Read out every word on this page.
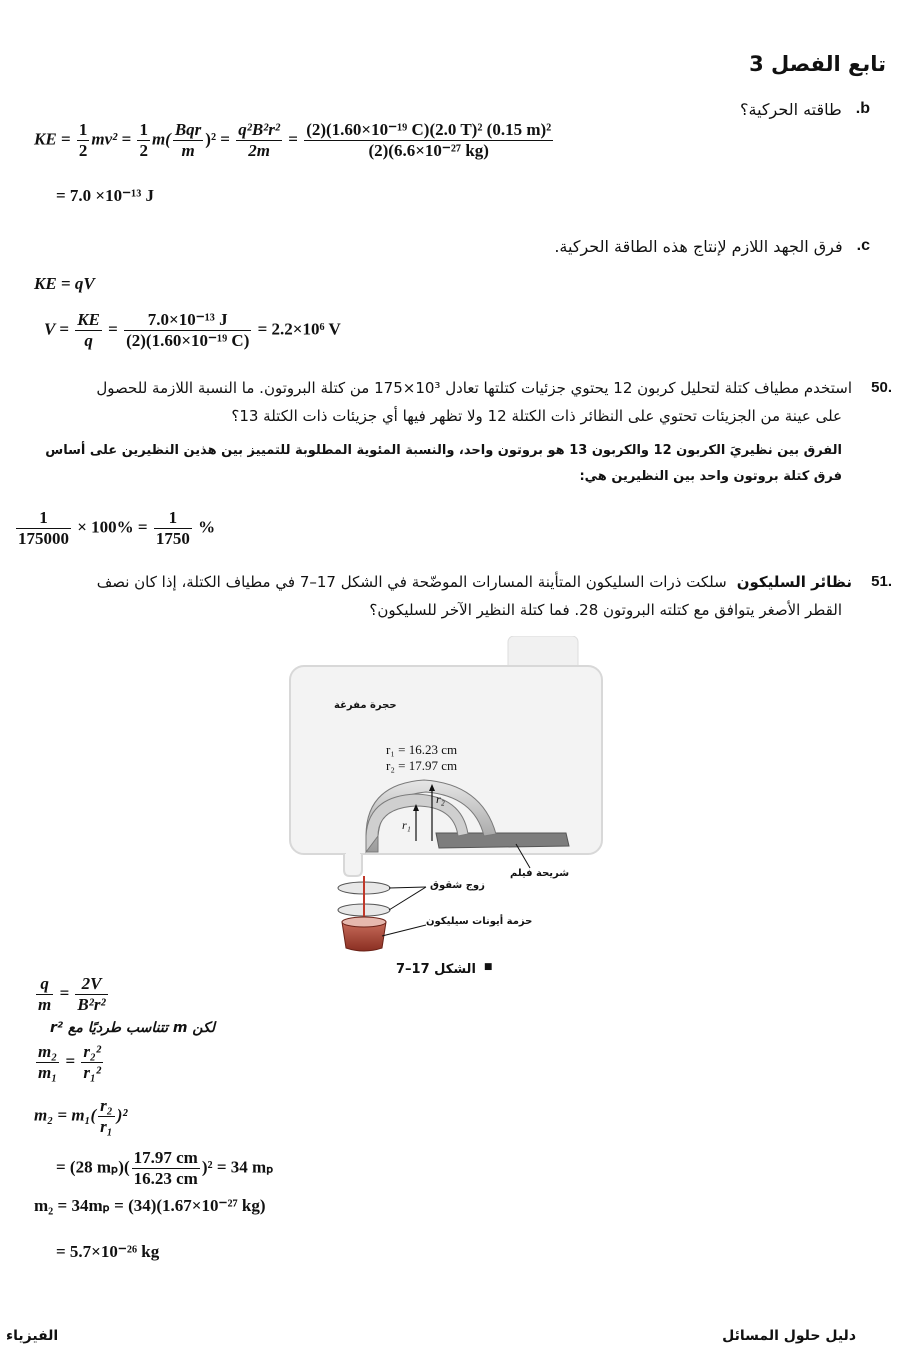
تابع الفصل 3
b.
طاقته الحركية؟
KE = $\frac{1}{2} mv^2 = \frac{1}{2} m( \frac{\text{Bqr}}{m} )^2 = \frac{\text{q²B²r²}}{2m} = \frac{\text{(2)(1.60×10⁻¹⁹ C)(2.0 T)² (0.15 m)²}}{\text{(2)(6.6×10⁻²⁷ kg)}}$
= 7.0 ×10⁻¹³ J
c.
فرق الجهد اللازم لإنتاج هذه الطاقة الحركية.
KE = qV
$V = \frac{KE}{q} = \frac{\text{7.0×10⁻¹³ J}}{\text{(2)(1.60×10⁻¹⁹ C)}} = 2.2\times 10^6$ V
.50
استخدم مطياف كتلة لتحليل كربون 12 يحتوي جزئيات كتلتها تعادل 10³×175 من كتلة البروتون. ما النسبة اللازمة للحصول
على عينة من الجزيئات تحتوي على النظائر ذات الكتلة 12 ولا تظهر فيها أي جزيئات ذات الكتلة 13؟
الفرق بين نظيريَ الكربون 12 والكربون 13 هو بروتون واحد، والنسبة المئوية المطلوبة للتمييز بين هذين النظيرين على أساس
فرق كتلة بروتون واحد بين النظيرين هي:
$\frac{1}{175000} \times 100\% = \frac{1}{1750}$ %
.51
نظائر السليكون
سلكت ذرات السليكون المتأينة المسارات الموضّحة في الشكل 17–7 في مطياف الكتلة، إذا كان نصف
القطر الأصغر يتوافق مع كتلته البروتون 28. فما كتلة النظير الآخر للسليكون؟
حجرة مفرغة
r₁ = 16.23 cm
r₂ = 17.97 cm
r₁
r₂
شريحة فيلم
زوج شقوق
حزمة أيونات سيليكون
■
الشكل 17–7
$\frac{q}{m} = \frac{2V}{\text{B²r²}}$
لكن m تتناسب طرديًا مع r²
$\frac{\text{m₂}}{\text{m₁}} = \frac{\text{r₂²}}{\text{r₁²}}$
$m_2 = m_1( \frac{\text{r₂}}{\text{r₁}} )^2$
= (28 $m_p)( \frac{17.97 cm}{16.23 cm} )^2 = 34$ mₚ
m₂ = 34mₚ = (34)(1.67×10⁻²⁷ kg)
= 5.7×10⁻²⁶ kg
دليل حلول المسائل
الفيزياء
